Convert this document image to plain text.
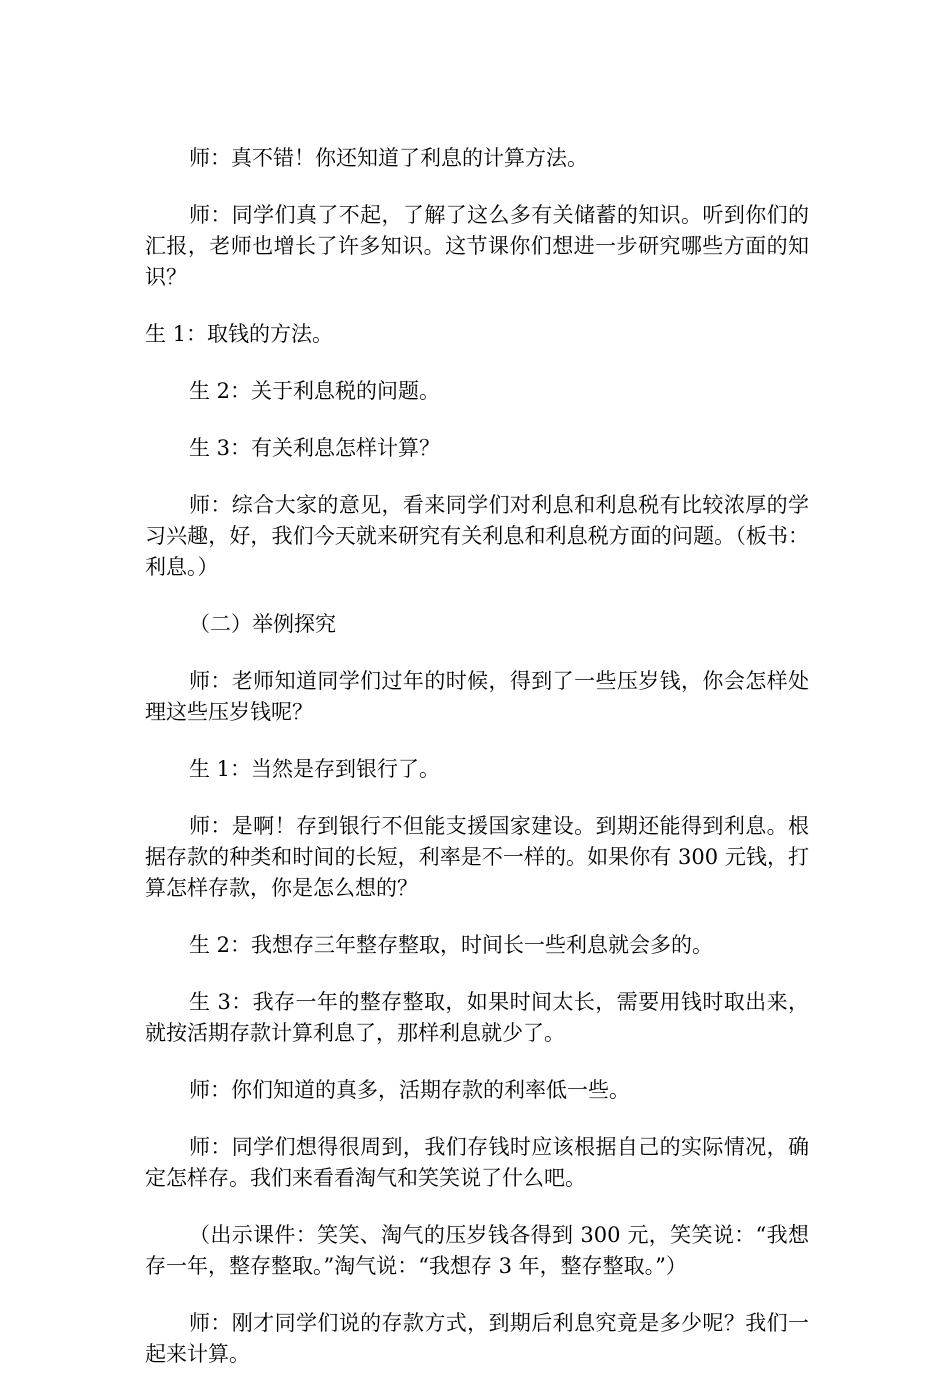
师：真不错！你还知道了利息的计算方法。

师：同学们真了不起，了解了这么多有关储蓄的知识。听到你们的汇报，老师也增长了许多知识。这节课你们想进一步研究哪些方面的知识？

生 1：取钱的方法。

生 2：关于利息税的问题。

生 3：有关利息怎样计算？

师：综合大家的意见，看来同学们对利息和利息税有比较浓厚的学习兴趣，好，我们今天就来研究有关利息和利息税方面的问题。（板书：利息。）

（二）举例探究

师：老师知道同学们过年的时候，得到了一些压岁钱，你会怎样处理这些压岁钱呢？

生 1：当然是存到银行了。

师：是啊！存到银行不但能支援国家建设。到期还能得到利息。根据存款的种类和时间的长短，利率是不一样的。如果你有 300 元钱，打算怎样存款，你是怎么想的？

生 2：我想存三年整存整取，时间长一些利息就会多的。

生 3：我存一年的整存整取，如果时间太长，需要用钱时取出来，就按活期存款计算利息了，那样利息就少了。

师：你们知道的真多，活期存款的利率低一些。

师：同学们想得很周到，我们存钱时应该根据自己的实际情况，确定怎样存。我们来看看淘气和笑笑说了什么吧。

（出示课件：笑笑、淘气的压岁钱各得到 300 元，笑笑说：“我想存一年，整存整取。”淘气说：“我想存 3 年，整存整取。”）

师：刚才同学们说的存款方式，到期后利息究竟是多少呢？我们一起来计算。
